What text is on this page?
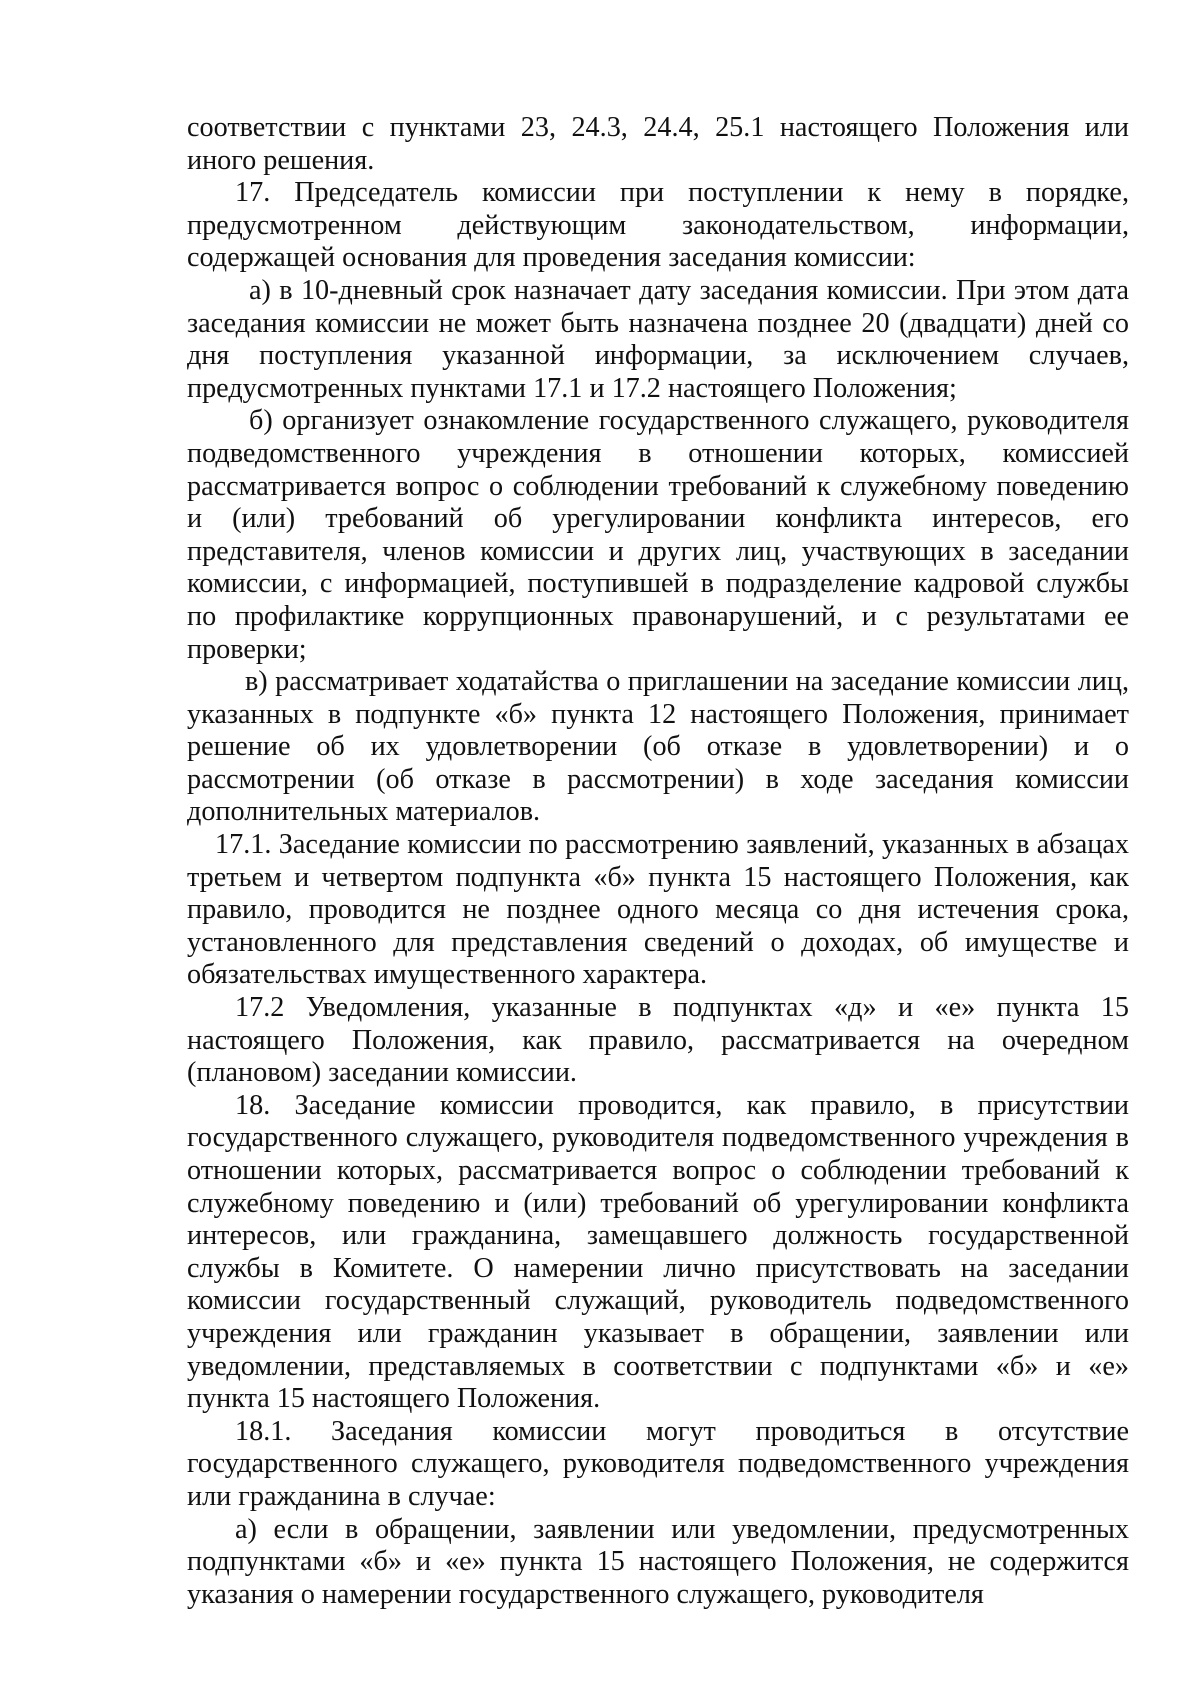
соответствии с пунктами 23, 24.3, 24.4, 25.1 настоящего Положения или иного решения.

17. Председатель комиссии при поступлении к нему в порядке, предусмотренном действующим законодательством, информации, содержащей основания для проведения заседания комиссии:

а) в 10-дневный срок назначает дату заседания комиссии. При этом дата заседания комиссии не может быть назначена позднее 20 (двадцати) дней со дня поступления указанной информации, за исключением случаев, предусмотренных пунктами 17.1 и 17.2 настоящего Положения;

б) организует ознакомление государственного служащего, руководителя подведомственного учреждения в отношении которых, комиссией рассматривается вопрос о соблюдении требований к служебному поведению и (или) требований об урегулировании конфликта интересов, его представителя, членов комиссии и других лиц, участвующих в заседании комиссии, с информацией, поступившей в подразделение кадровой службы по профилактике коррупционных правонарушений, и с результатами ее проверки;

в) рассматривает ходатайства о приглашении на заседание комиссии лиц, указанных в подпункте «б» пункта 12 настоящего Положения, принимает решение об их удовлетворении (об отказе в удовлетворении) и о рассмотрении (об отказе в рассмотрении) в ходе заседания комиссии дополнительных материалов.

17.1. Заседание комиссии по рассмотрению заявлений, указанных в абзацах третьем и четвертом подпункта «б» пункта 15 настоящего Положения, как правило, проводится не позднее одного месяца со дня истечения срока, установленного для представления сведений о доходах, об имуществе и обязательствах имущественного характера.

17.2 Уведомления, указанные в подпунктах «д» и «е» пункта 15 настоящего Положения, как правило, рассматривается на очередном (плановом) заседании комиссии.

18. Заседание комиссии проводится, как правило, в присутствии государственного служащего, руководителя подведомственного учреждения в отношении которых, рассматривается вопрос о соблюдении требований к служебному поведению и (или) требований об урегулировании конфликта интересов, или гражданина, замещавшего должность государственной службы в Комитете. О намерении лично присутствовать на заседании комиссии государственный служащий, руководитель подведомственного учреждения или гражданин указывает в обращении, заявлении или уведомлении, представляемых в соответствии с подпунктами «б» и «е» пункта 15 настоящего Положения.

18.1. Заседания комиссии могут проводиться в отсутствие государственного служащего, руководителя подведомственного учреждения или гражданина в случае:

а) если в обращении, заявлении или уведомлении, предусмотренных подпунктами «б» и «е» пункта 15 настоящего Положения, не содержится указания о намерении государственного служащего, руководителя
